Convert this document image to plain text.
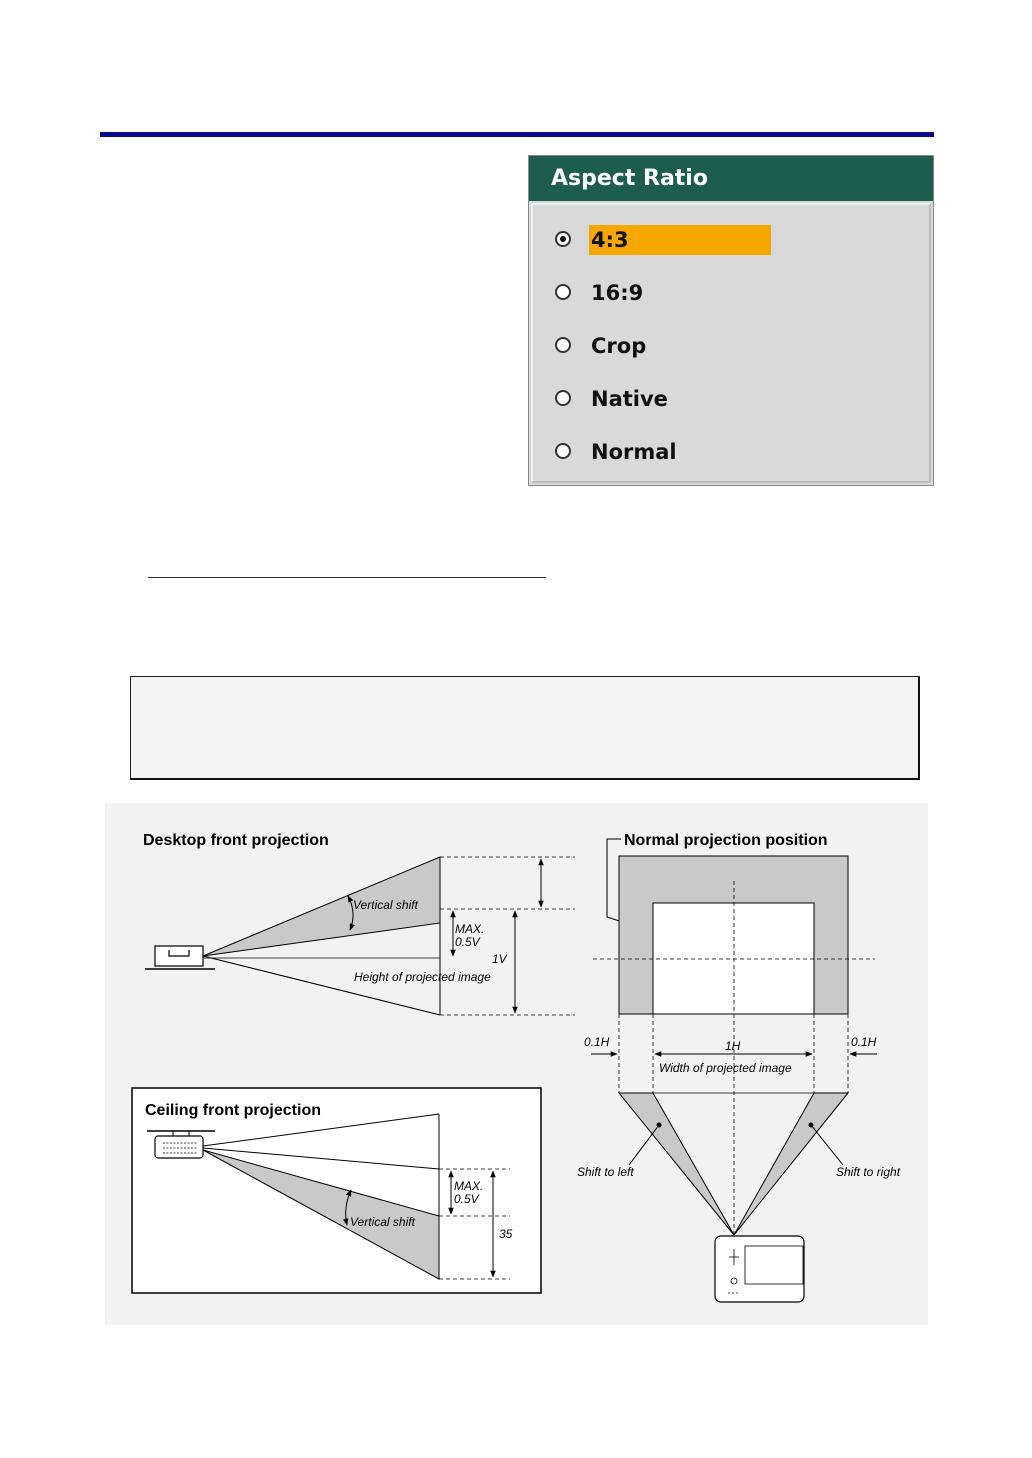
Aspect Ratio
4:3
16:9
Crop
Native
Normal
Desktop front projection
Vertical shift
MAX.
0.5V
1V
Height of projected image
Normal projection position
0.1H	0.1H
1H
Width of projected image
Shift to left	Shift to right
Ceiling front projection
Vertical shift
MAX.
0.5V
35
